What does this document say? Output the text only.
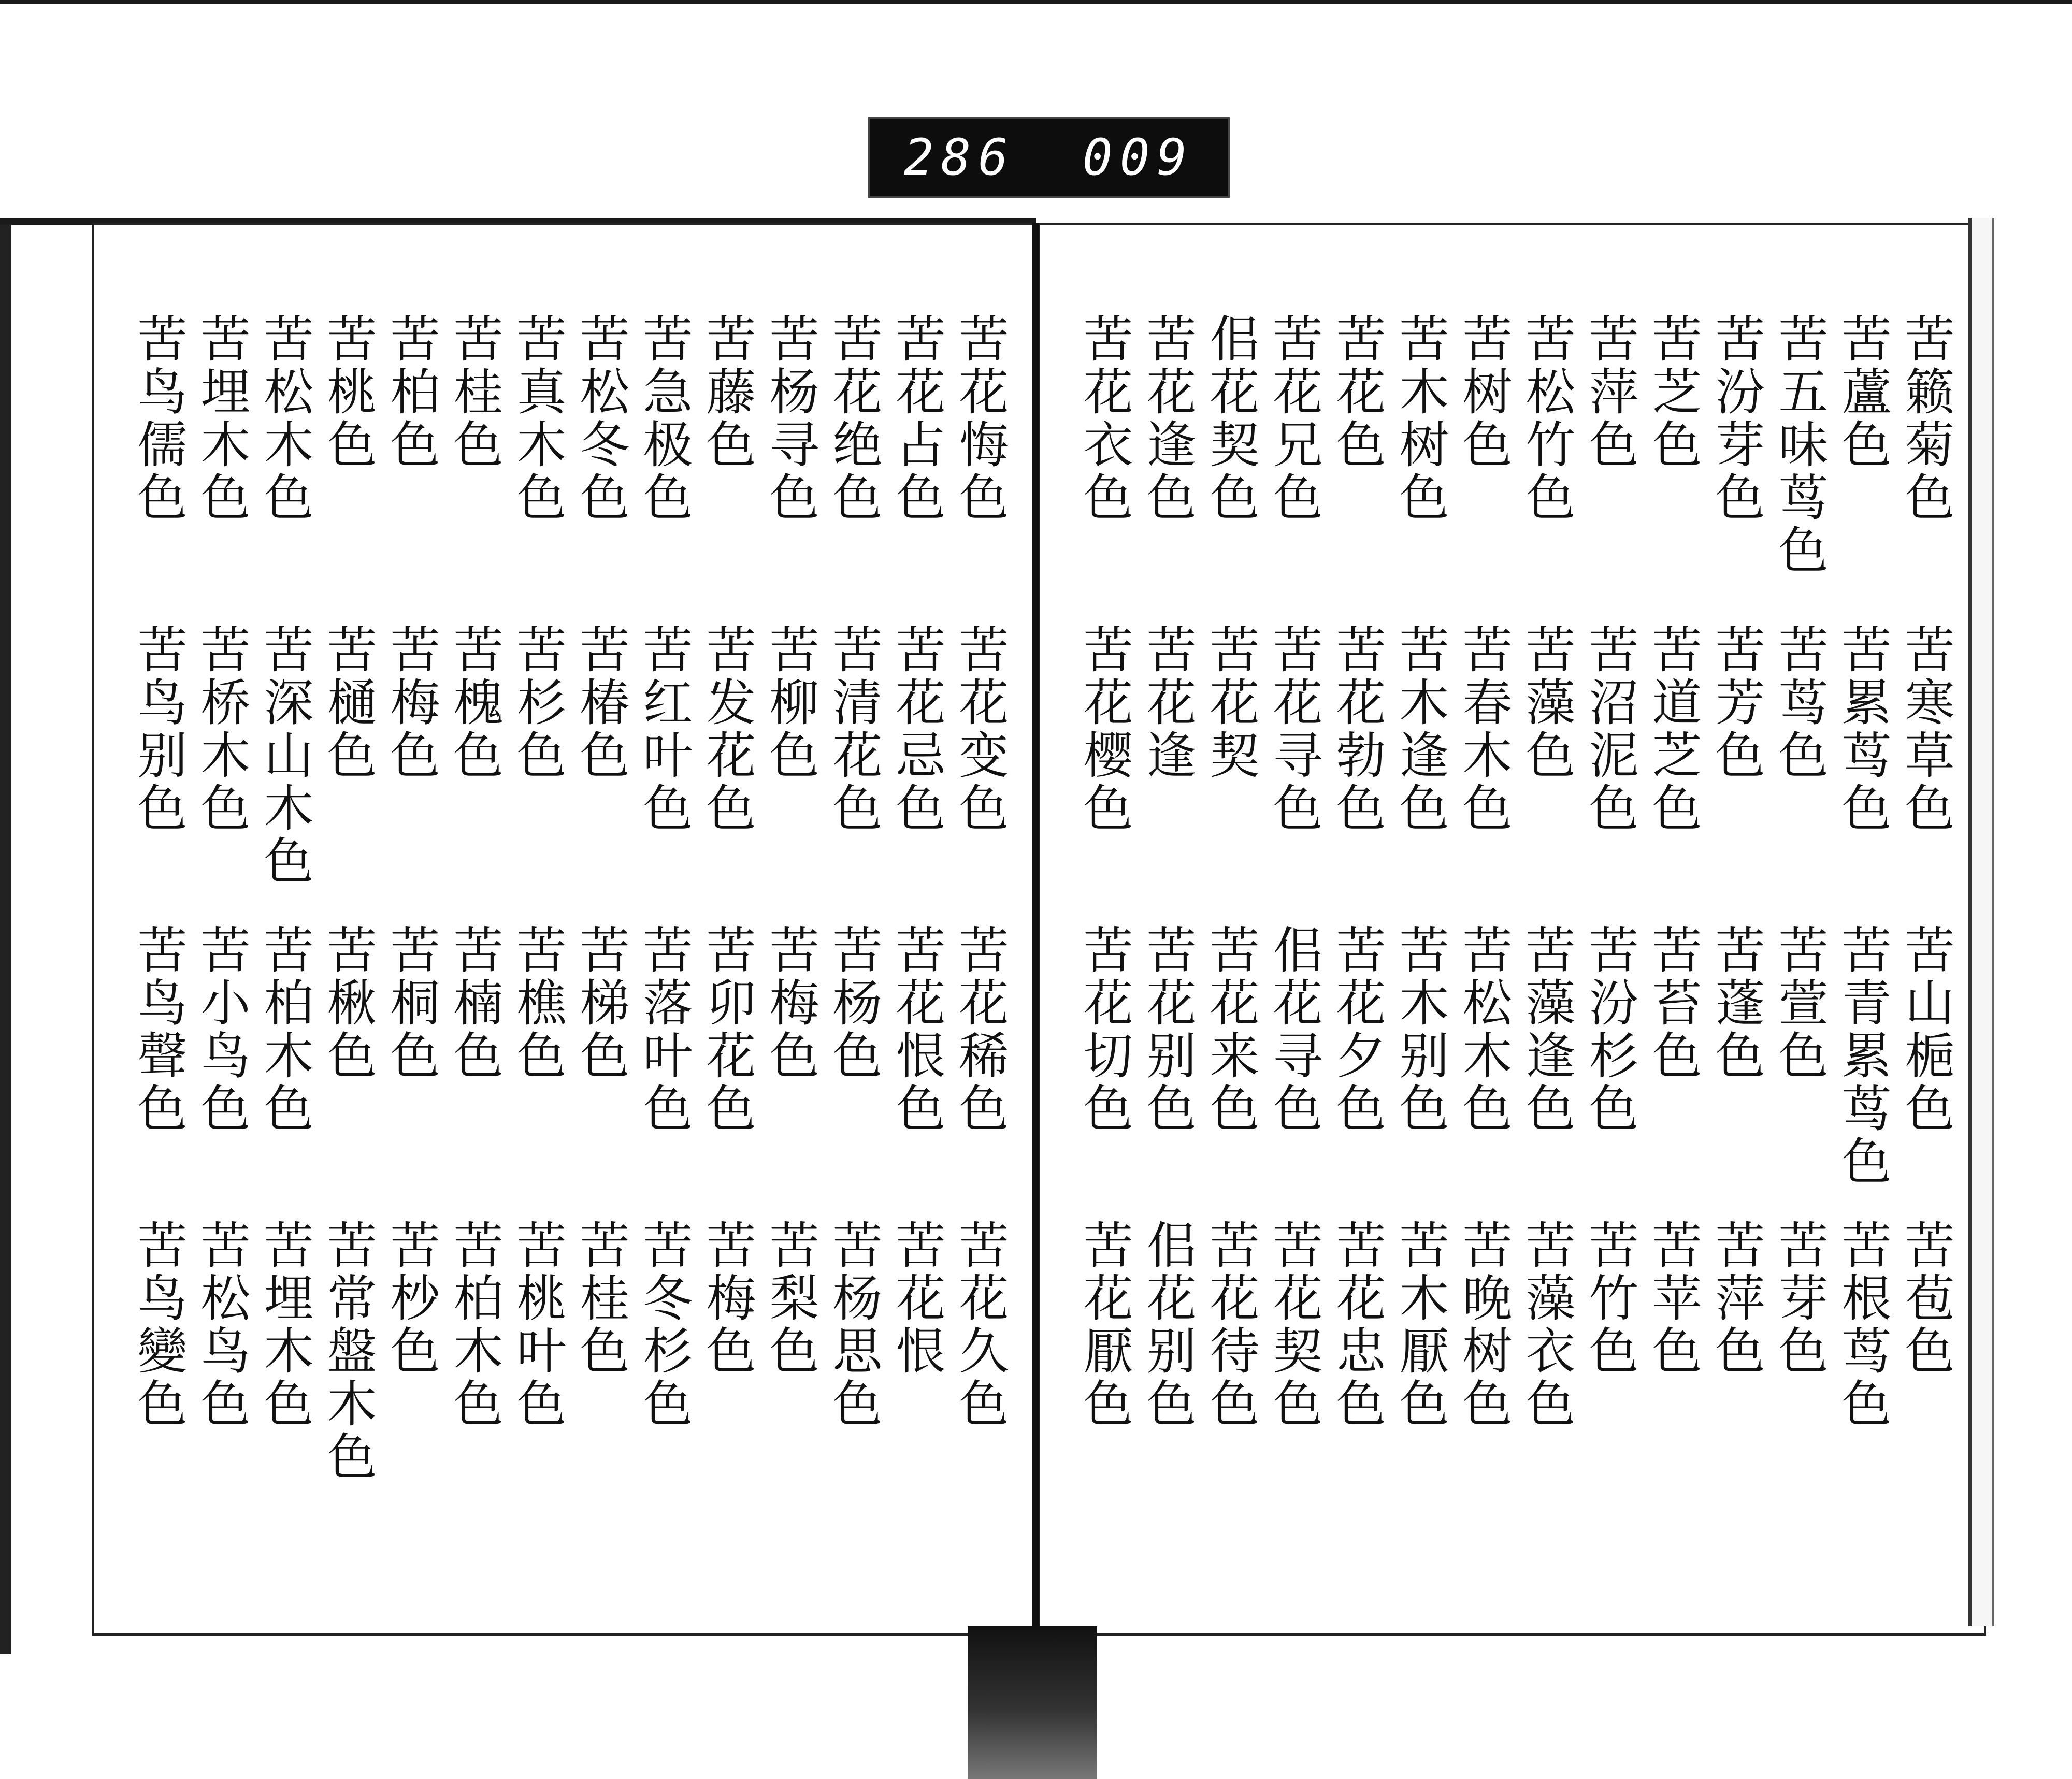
286 009
苦花悔色
苦花占色
苦花绝色
苦杨寻色
苦藤色
苦急极色
苦松冬色
苦真木色
苦桂色
苦柏色
苦桃色
苦松木色
苦埋木色
苦鸟儒色
苦花变色
苦花忌色
苦清花色
苦柳色
苦发花色
苦红叶色
苦椿色
苦杉色
苦槐色
苦梅色
苦樋色
苦深山木色
苦桥木色
苦鸟别色
苦花稀色
苦花恨色
苦杨色
苦梅色
苦卯花色
苦落叶色
苦梯色
苦樵色
苦楠色
苦桐色
苦楸色
苦柏木色
苦小鸟色
苦鸟聲色
苦花久色
苦花恨
苦杨思色
苦梨色
苦梅色
苦冬杉色
苦桂色
苦桃叶色
苦柏木色
苦杪色
苦常盤木色
苦埋木色
苦松鸟色
苦鸟變色
苦籁菊色
苦蘆色
苦五味茑色
苦汾芽色
苦芝色
苦萍色
苦松竹色
苦树色
苦木树色
苦花色
苦花兄色
佀花契色
苦花逢色
苦花衣色
苦寒草色
苦累茑色
苦茑色
苦芳色
苦道芝色
苦沼泥色
苦藻色
苦春木色
苦木逢色
苦花勃色
苦花寻色
苦花契
苦花逢
苦花樱色
苦山梔色
苦青累茑色
苦萱色
苦蓬色
苦苔色
苦汾杉色
苦藻逢色
苦松木色
苦木别色
苦花夕色
佀花寻色
苦花来色
苦花别色
苦花切色
苦苞色
苦根茑色
苦芽色
苦萍色
苦苹色
苦竹色
苦藻衣色
苦晚树色
苦木厭色
苦花忠色
苦花契色
苦花待色
佀花别色
苦花厭色
